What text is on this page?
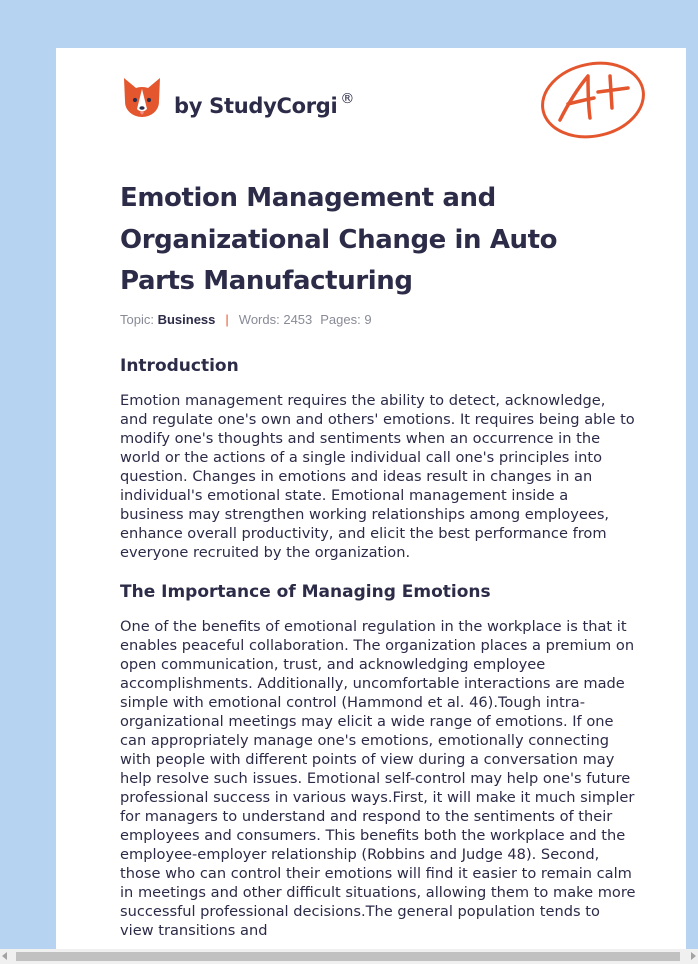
by StudyCorgi ®

Emotion Management and Organizational Change in Auto Parts Manufacturing

Topic: Business | Words: 2453 Pages: 9

Introduction

Emotion management requires the ability to detect, acknowledge, and regulate one's own and others' emotions. It requires being able to modify one's thoughts and sentiments when an occurrence in the world or the actions of a single individual call one's principles into question. Changes in emotions and ideas result in changes in an individual's emotional state. Emotional management inside a business may strengthen working relationships among employees, enhance overall productivity, and elicit the best performance from everyone recruited by the organization.

The Importance of Managing Emotions

One of the benefits of emotional regulation in the workplace is that it enables peaceful collaboration. The organization places a premium on open communication, trust, and acknowledging employee accomplishments. Additionally, uncomfortable interactions are made simple with emotional control (Hammond et al. 46).Tough intra-organizational meetings may elicit a wide range of emotions. If one can appropriately manage one's emotions, emotionally connecting with people with different points of view during a conversation may help resolve such issues. Emotional self-control may help one's future professional success in various ways.First, it will make it much simpler for managers to understand and respond to the sentiments of their employees and consumers. This benefits both the workplace and the employee-employer relationship (Robbins and Judge 48). Second, those who can control their emotions will find it easier to remain calm in meetings and other difficult situations, allowing them to make more successful professional decisions.The general population tends to view transitions and
